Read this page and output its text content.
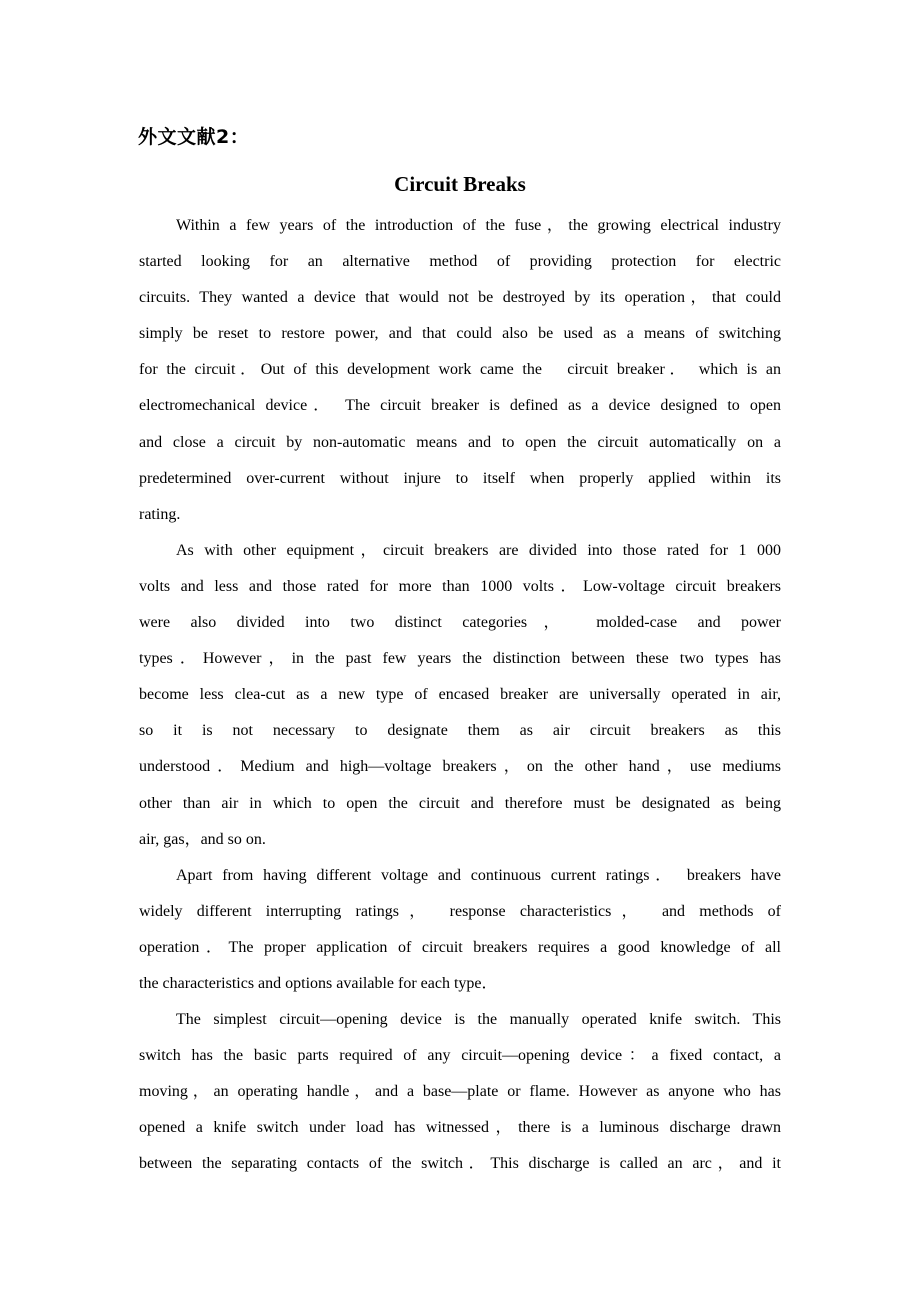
外文文献2：
Circuit Breaks

Within a few years of the introduction of the fuse，the growing electrical industry
started looking for an alternative method of providing protection for electric
circuits. They wanted a device that would not be destroyed by its operation，that could
simply be reset to restore power, and that could also be used as a means of switching
for the circuit．Out of this development work came the　circuit breaker． which is an
electromechanical device． The circuit breaker is defined as a device designed to open
and close a circuit by non-automatic means and to open the circuit automatically on a
predetermined over-current without injure to itself when properly applied within its
rating.

As with other equipment，circuit breakers are divided into those rated for 1 000
volts and less and those rated for more than 1000 volts．Low-voltage circuit breakers
were also divided into two distinct categories， molded-case and power
types．However，in the past few years the distinction between these two types has
become less clea-cut as a new type of encased breaker are universally operated in air,
so it is not necessary to designate them as air circuit breakers as this
understood．Medium and high—voltage breakers，on the other hand，use mediums
other than air in which to open the circuit and therefore must be designated as being
air, gas，and so on.

Apart from having different voltage and continuous current ratings． breakers have
widely different interrupting ratings， response characteristics， and methods of
operation．The proper application of circuit breakers requires a good knowledge of all
the characteristics and options available for each type．

The simplest circuit—opening device is the manually operated knife switch. This
switch has the basic parts required of any circuit—opening device：a fixed contact, a
moving，an operating handle，and a base—plate or flame. However as anyone who has
opened a knife switch under load has witnessed，there is a luminous discharge drawn
between the separating contacts of the switch．This discharge is called an arc，and it
